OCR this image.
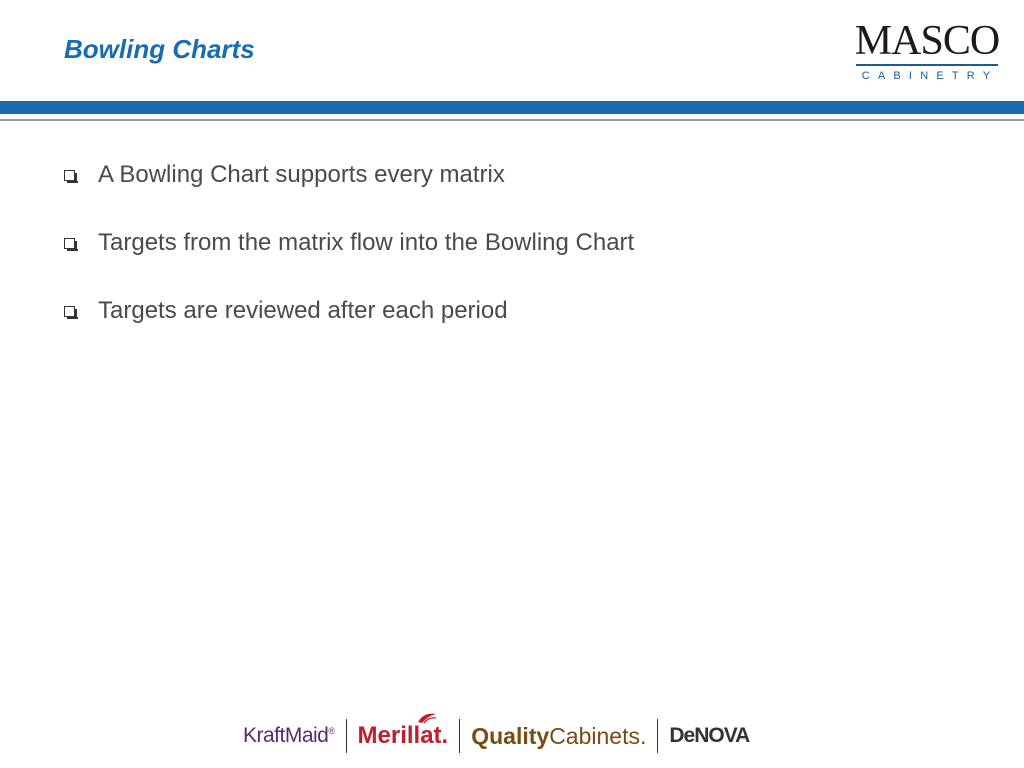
Bowling Charts	MASCO
CABINETRY
A Bowling Chart supports every matrix
Targets from the matrix flow into the Bowling Chart
Targets are reviewed after each period
KraftMaid® Merillat. QualityCabinets. DeNOVA
